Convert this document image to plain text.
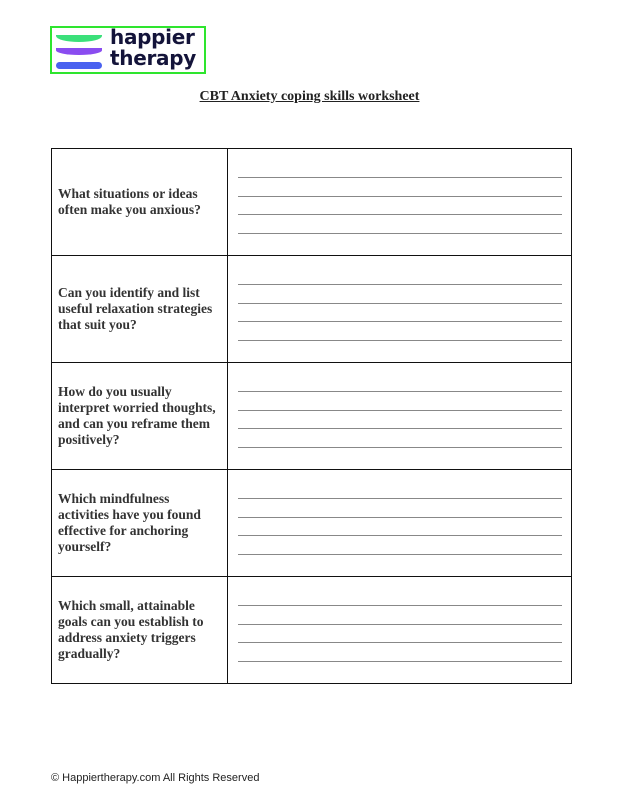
happier
therapy
CBT Anxiety coping skills worksheet
What situations or ideas often make you anxious?	

Can you identify and list useful relaxation strategies that suit you?	

How do you usually interpret worried thoughts, and can you reframe them positively?	

Which mindfulness activities have you found effective for anchoring yourself?	

Which small, attainable goals can you establish to address anxiety triggers gradually?	
© Happiertherapy.com All Rights Reserved
